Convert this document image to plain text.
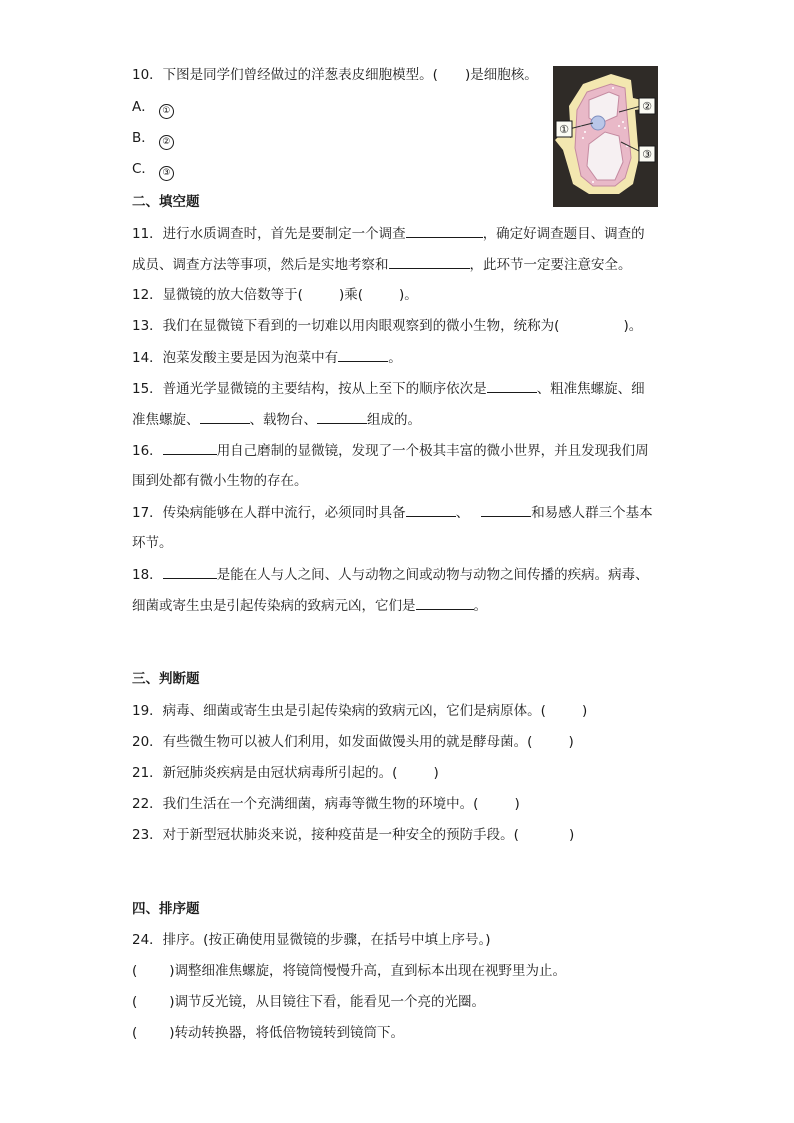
10．下图是同学们曾经做过的洋葱表皮细胞模型。(　　)是细胞核。
A． ①
B． ②
C． ③
①
②
③
二、填空题
11．进行水质调查时，首先是要制定一个调查	，确定好调查题目、调查的
成员、调查方法等事项，然后是实地考察和	，此环节一定要注意安全。
12．显微镜的放大倍数等于(	)乘(	)。
13．我们在显微镜下看到的一切难以用肉眼观察到的微小生物，统称为(	)。
14．泡菜发酸主要是因为泡菜中有	。
15．普通光学显微镜的主要结构，按从上至下的顺序依次是	、粗准焦螺旋、细
准焦螺旋、	、载物台、	组成的。
16．	用自己磨制的显微镜，发现了一个极其丰富的微小世界，并且发现我们周
围到处都有微小生物的存在。
17．传染病能够在人群中流行，必须同时具备	、	和易感人群三个基本
环节。
18．	是能在人与人之间、人与动物之间或动物与动物之间传播的疾病。病毒、
细菌或寄生虫是引起传染病的致病元凶，它们是	。
三、判断题
19．病毒、细菌或寄生虫是引起传染病的致病元凶，它们是病原体。(	)
20．有些微生物可以被人们利用，如发面做馒头用的就是酵母菌。(	)
21．新冠肺炎疾病是由冠状病毒所引起的。(	)
22．我们生活在一个充满细菌，病毒等微生物的环境中。(	)
23．对于新型冠状肺炎来说，接种疫苗是一种安全的预防手段。(	)
四、排序题
24．排序。(按正确使用显微镜的步骤，在括号中填上序号。)
( )调整细准焦螺旋，将镜筒慢慢升高，直到标本出现在视野里为止。
( )调节反光镜，从目镜往下看，能看见一个亮的光圈。
( )转动转换器，将低倍物镜转到镜筒下。
